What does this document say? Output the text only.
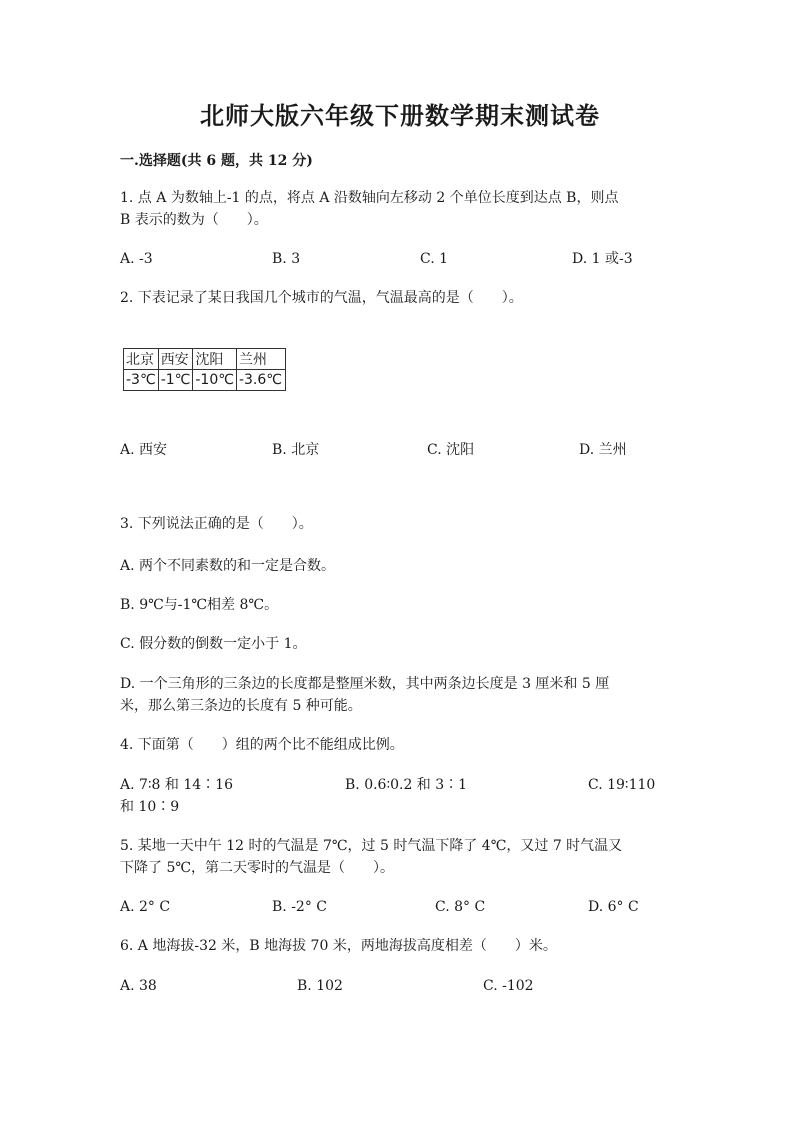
北师大版六年级下册数学期末测试卷
一.选择题(共 6 题，共 12 分)
1. 点 A 为数轴上-1 的点，将点 A 沿数轴向左移动 2 个单位长度到达点 B，则点
B 表示的数为（　　）。
A. -3	B. 3	C. 1	D. 1 或-3
2. 下表记录了某日我国几个城市的气温，气温最高的是（　　）。
北京	西安	沈阳	兰州
-3℃	-1℃	-10℃	-3.6℃
A. 西安	B. 北京	C. 沈阳	D. 兰州
3. 下列说法正确的是（　　）。
A. 两个不同素数的和一定是合数。
B. 9℃与-1℃相差 8℃。
C. 假分数的倒数一定小于 1。
D. 一个三角形的三条边的长度都是整厘米数，其中两条边长度是 3 厘米和 5 厘
米，那么第三条边的长度有 5 种可能。
4. 下面第（　　）组的两个比不能组成比例。
A. 7∶8 和 14∶16	B. 0.6∶0.2 和 3∶1	C. 19∶110
和 10∶9
5. 某地一天中午 12 时的气温是 7℃，过 5 时气温下降了 4℃，又过 7 时气温又
下降了 5℃，第二天零时的气温是（　　）。
A. 2° C	B. -2° C	C. 8° C	D. 6° C
6. A 地海拔-32 米，B 地海拔 70 米，两地海拔高度相差（　　）米。
A. 38	B. 102	C. -102
